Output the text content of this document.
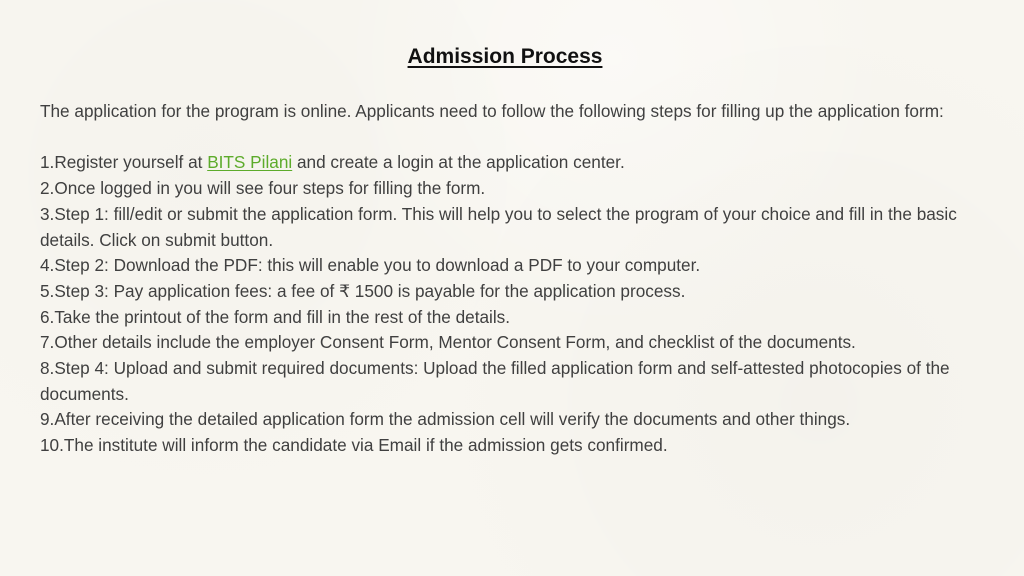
Admission Process

The application for the program is online. Applicants need to follow the following steps for filling up the application form:

1.Register yourself at BITS Pilani and create a login at the application center.
2.Once logged in you will see four steps for filling the form.
3.Step 1: fill/edit or submit the application form. This will help you to select the program of your choice and fill in the basic details. Click on submit button.
4.Step 2: Download the PDF: this will enable you to download a PDF to your computer.
5.Step 3: Pay application fees: a fee of ₹ 1500 is payable for the application process.
6.Take the printout of the form and fill in the rest of the details.
7.Other details include the employer Consent Form, Mentor Consent Form, and checklist of the documents.
8.Step 4: Upload and submit required documents: Upload the filled application form and self-attested photocopies of the documents.
9.After receiving the detailed application form the admission cell will verify the documents and other things.
10.The institute will inform the candidate via Email if the admission gets confirmed.
